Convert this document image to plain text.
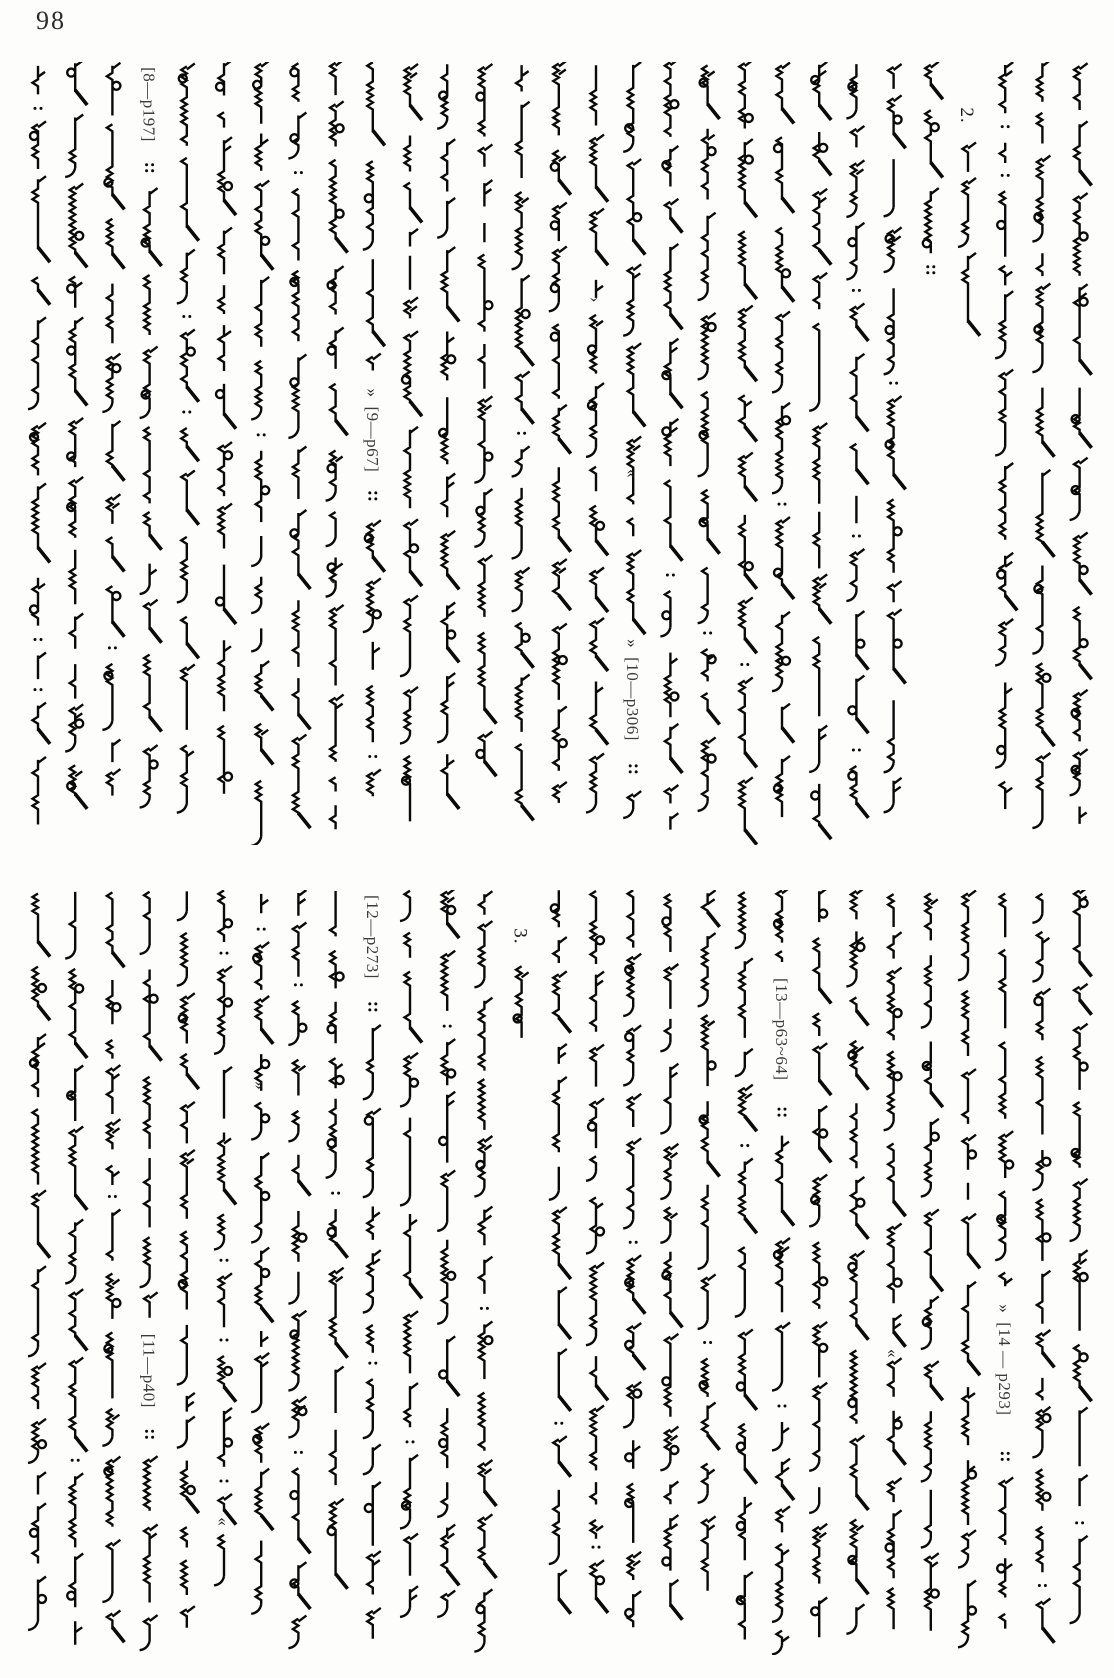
98
[8—p197]
»
[9—p67]
»
[10—p306]
2.
‹
›
«
›
[11—p40]
[12—p273]	3.
[13—p63~64]
»
[14 — p293]
«
«
»
